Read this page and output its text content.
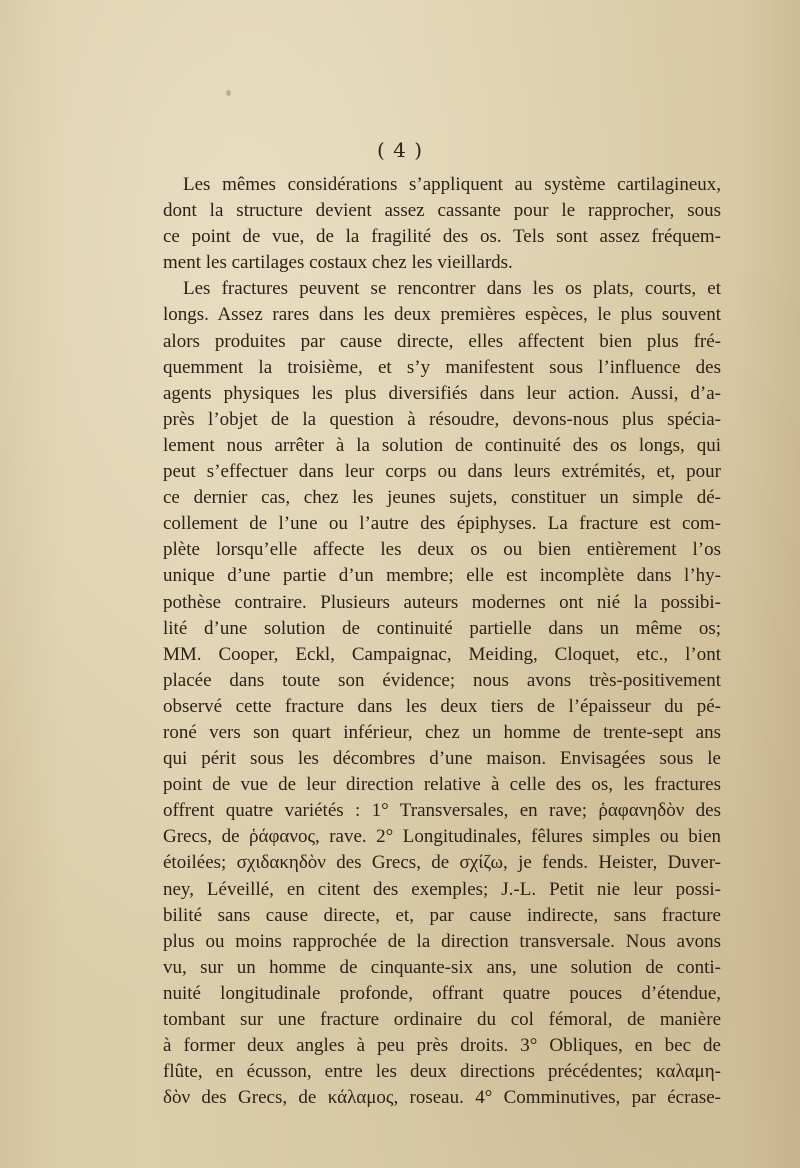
( 4 )
Les mêmes considérations s’appliquent au système cartilagineux,
dont la structure devient assez cassante pour le rapprocher, sous
ce point de vue, de la fragilité des os. Tels sont assez fréquem-
ment les cartilages costaux chez les vieillards.
Les fractures peuvent se rencontrer dans les os plats, courts, et
longs. Assez rares dans les deux premières espèces, le plus souvent
alors produites par cause directe, elles affectent bien plus fré-
quemment la troisième, et s’y manifestent sous l’influence des
agents physiques les plus diversifiés dans leur action. Aussi, d’a-
près l’objet de la question à résoudre, devons-nous plus spécia-
lement nous arrêter à la solution de continuité des os longs, qui
peut s’effectuer dans leur corps ou dans leurs extrémités, et, pour
ce dernier cas, chez les jeunes sujets, constituer un simple dé-
collement de l’une ou l’autre des épiphyses. La fracture est com-
plète lorsqu’elle affecte les deux os ou bien entièrement l’os
unique d’une partie d’un membre; elle est incomplète dans l’hy-
pothèse contraire. Plusieurs auteurs modernes ont nié la possibi-
lité d’une solution de continuité partielle dans un même os;
MM. Cooper, Eckl, Campaignac, Meiding, Cloquet, etc., l’ont
placée dans toute son évidence; nous avons très-positivement
observé cette fracture dans les deux tiers de l’épaisseur du pé-
roné vers son quart inférieur, chez un homme de trente-sept ans
qui périt sous les décombres d’une maison. Envisagées sous le
point de vue de leur direction relative à celle des os, les fractures
offrent quatre variétés : 1° Transversales, en rave; ῥαφανηδὸν des
Grecs, de ῥάφανος, rave. 2° Longitudinales, fêlures simples ou bien
étoilées; σχιδακηδὸν des Grecs, de σχίζω, je fends. Heister, Duver-
ney, Léveillé, en citent des exemples; J.-L. Petit nie leur possi-
bilité sans cause directe, et, par cause indirecte, sans fracture
plus ou moins rapprochée de la direction transversale. Nous avons
vu, sur un homme de cinquante-six ans, une solution de conti-
nuité longitudinale profonde, offrant quatre pouces d’étendue,
tombant sur une fracture ordinaire du col fémoral, de manière
à former deux angles à peu près droits. 3° Obliques, en bec de
flûte, en écusson, entre les deux directions précédentes; καλαμη-
δὸν des Grecs, de κάλαμος, roseau. 4° Comminutives, par écrase-
